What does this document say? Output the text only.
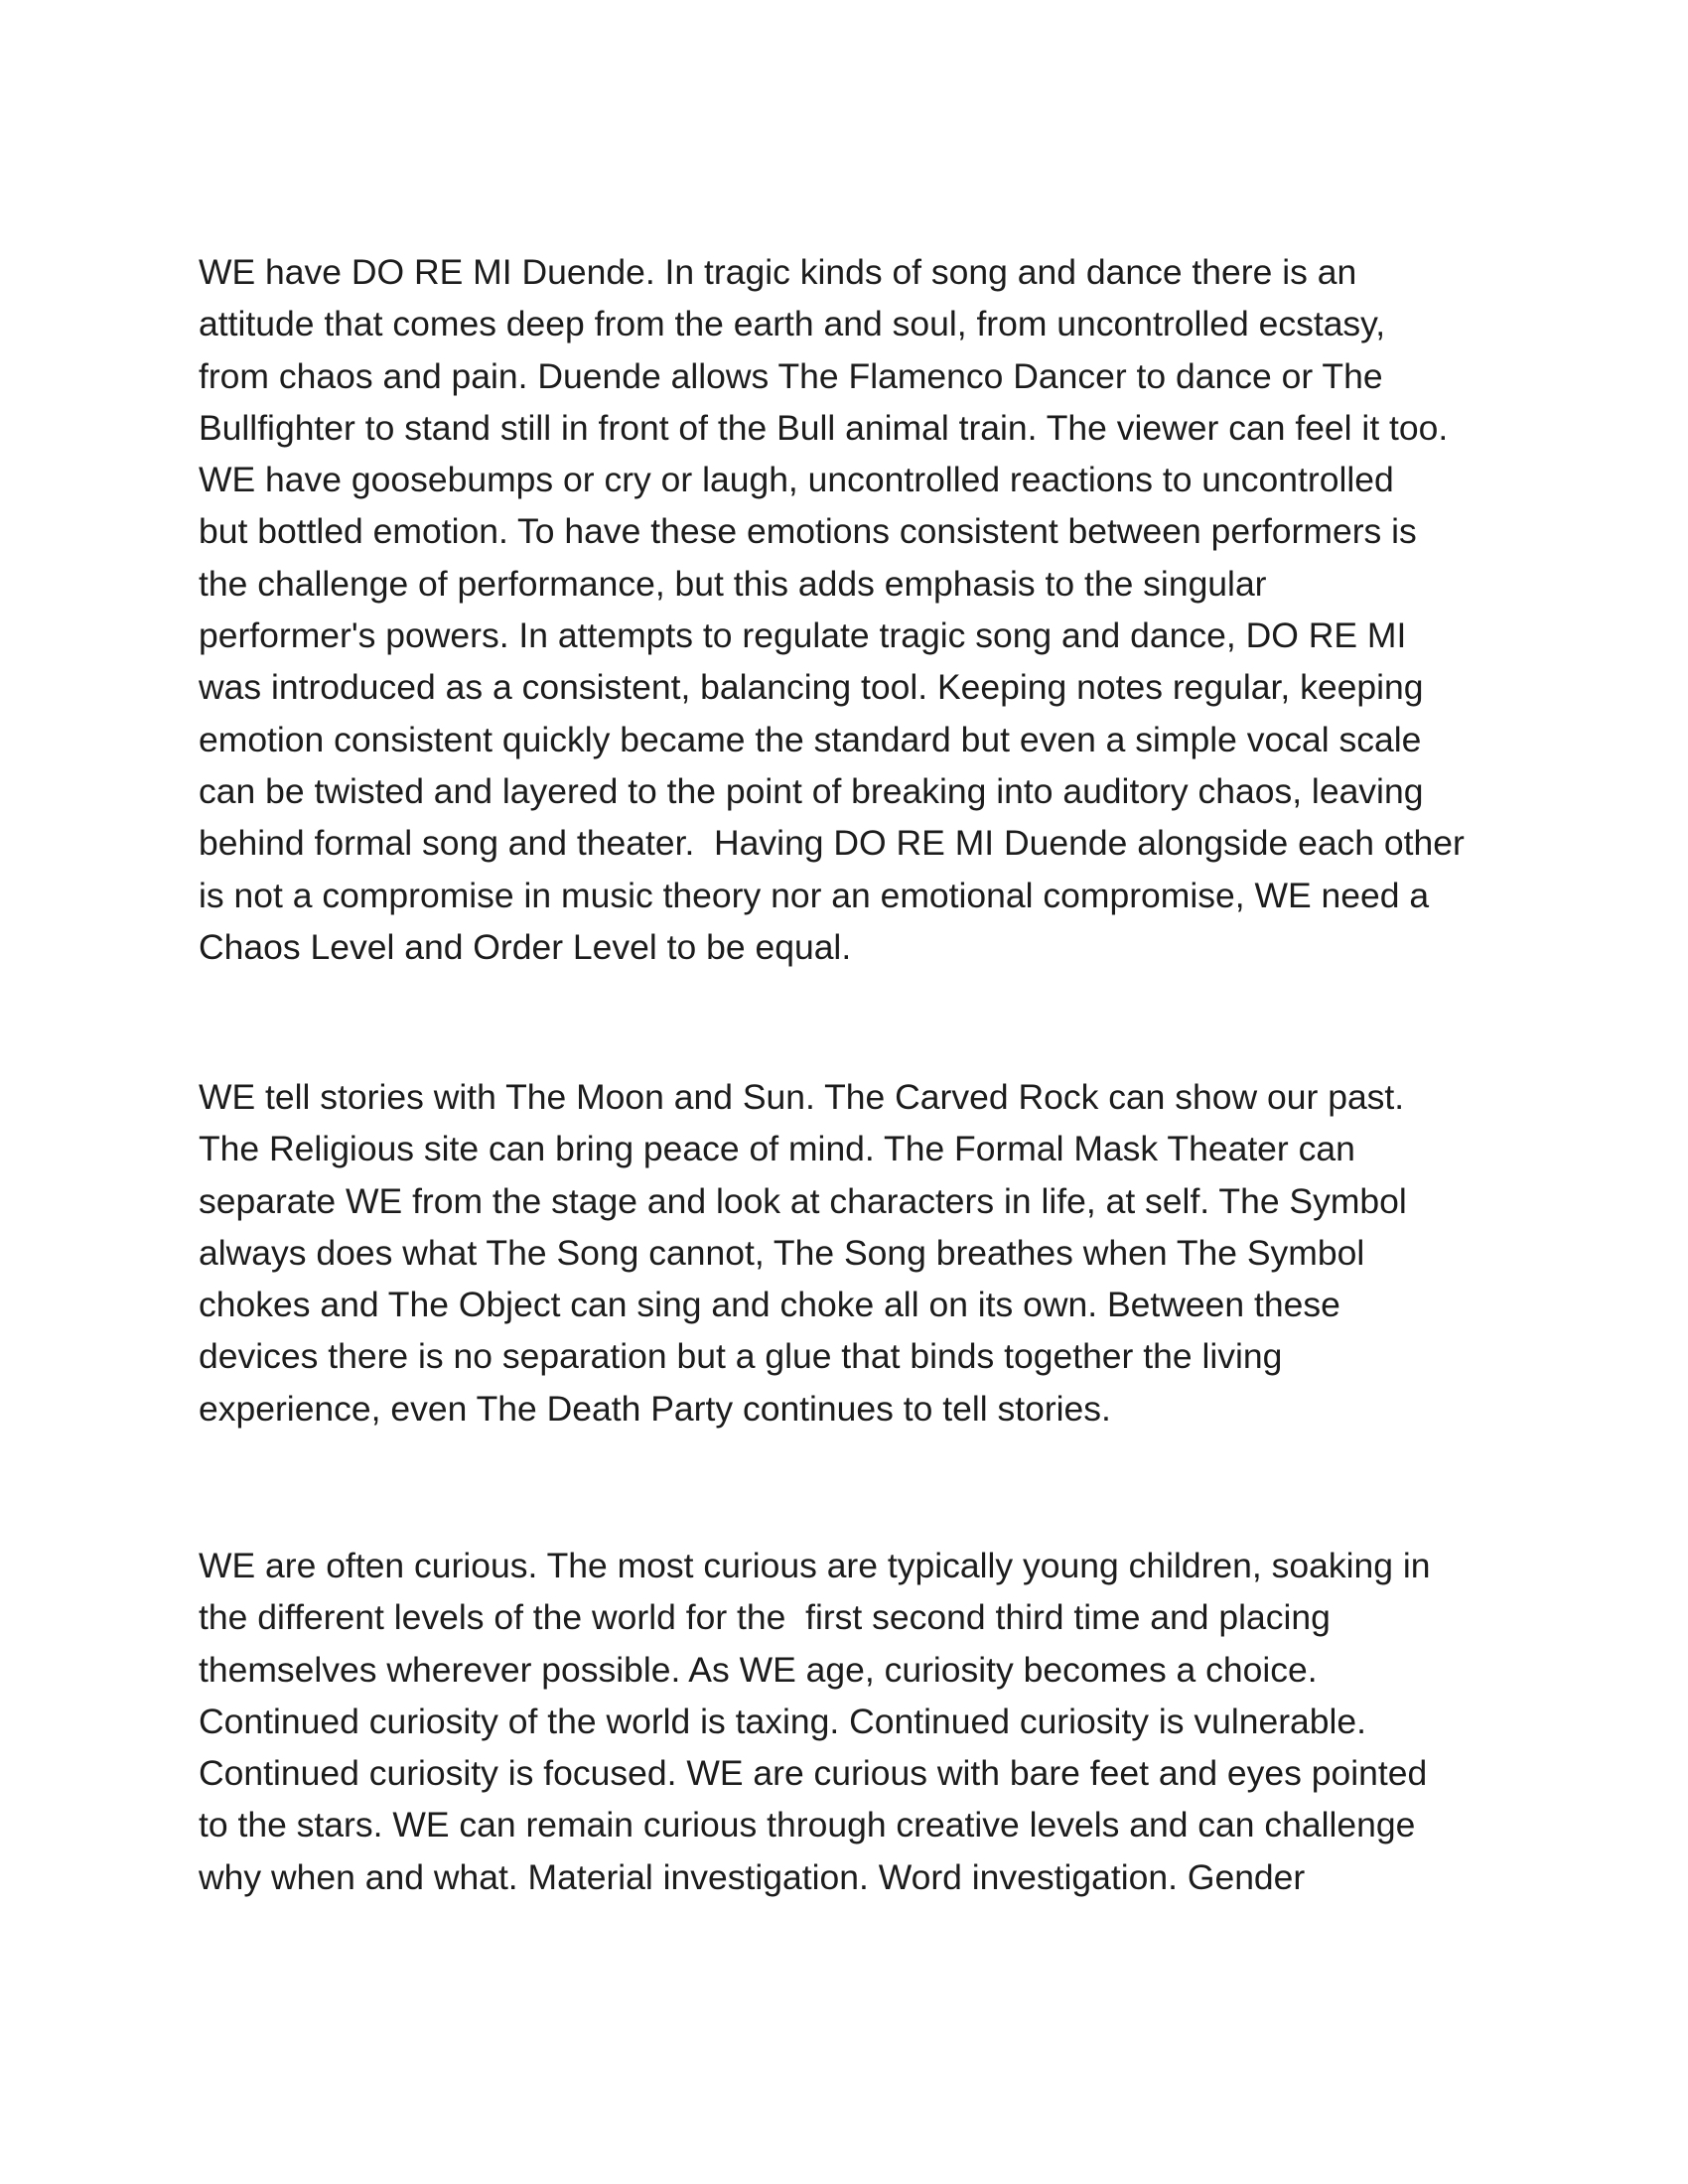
WE have DO RE MI Duende. In tragic kinds of song and dance there is an
attitude that comes deep from the earth and soul, from uncontrolled ecstasy,
from chaos and pain. Duende allows The Flamenco Dancer to dance or The
Bullfighter to stand still in front of the Bull animal train. The viewer can feel it too.
WE have goosebumps or cry or laugh, uncontrolled reactions to uncontrolled
but bottled emotion. To have these emotions consistent between performers is
the challenge of performance, but this adds emphasis to the singular
performer's powers. In attempts to regulate tragic song and dance, DO RE MI
was introduced as a consistent, balancing tool. Keeping notes regular, keeping
emotion consistent quickly became the standard but even a simple vocal scale
can be twisted and layered to the point of breaking into auditory chaos, leaving
behind formal song and theater.  Having DO RE MI Duende alongside each other
is not a compromise in music theory nor an emotional compromise, WE need a
Chaos Level and Order Level to be equal.
WE tell stories with The Moon and Sun. The Carved Rock can show our past.
The Religious site can bring peace of mind. The Formal Mask Theater can
separate WE from the stage and look at characters in life, at self. The Symbol
always does what The Song cannot, The Song breathes when The Symbol
chokes and The Object can sing and choke all on its own. Between these
devices there is no separation but a glue that binds together the living
experience, even The Death Party continues to tell stories.
WE are often curious. The most curious are typically young children, soaking in
the different levels of the world for the  first second third time and placing
themselves wherever possible. As WE age, curiosity becomes a choice.
Continued curiosity of the world is taxing. Continued curiosity is vulnerable.
Continued curiosity is focused. WE are curious with bare feet and eyes pointed
to the stars. WE can remain curious through creative levels and can challenge
why when and what. Material investigation. Word investigation. Gender
